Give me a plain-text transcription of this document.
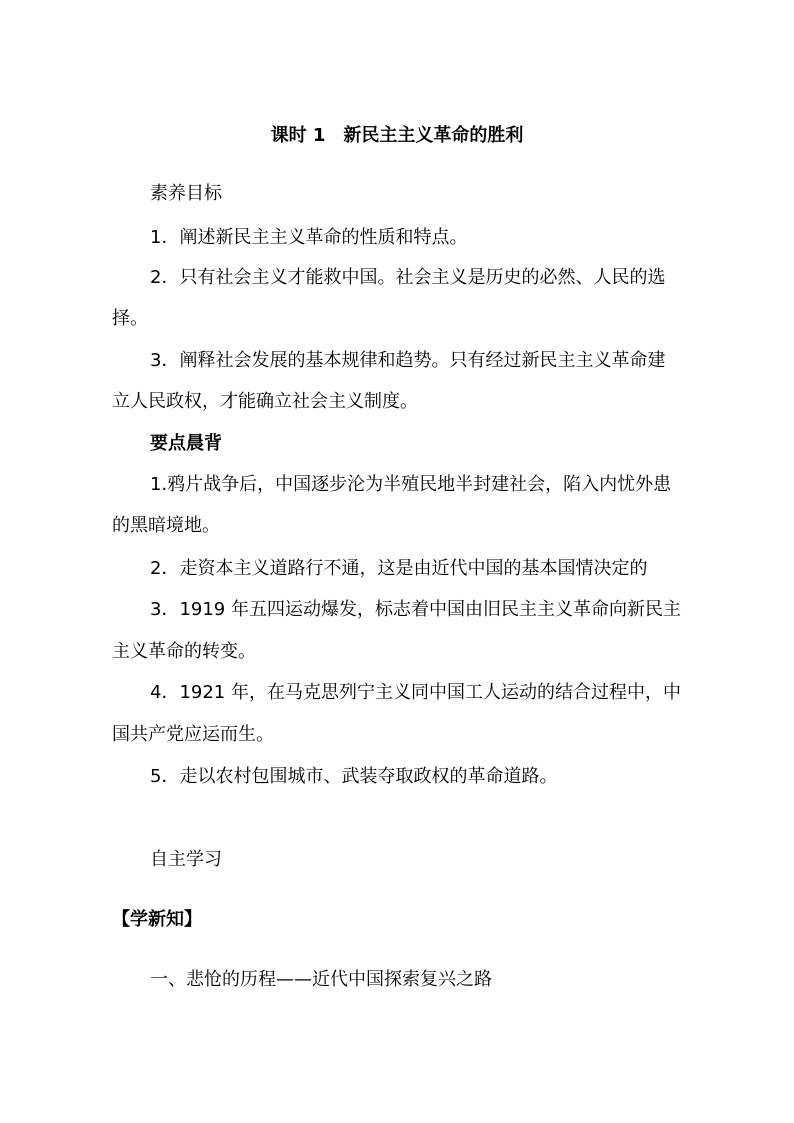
课时 1　新民主主义革命的胜利
素养目标
1．阐述新民主主义革命的性质和特点。
2．只有社会主义才能救中国。社会主义是历史的必然、人民的选
择。
3．阐释社会发展的基本规律和趋势。只有经过新民主主义革命建
立人民政权，才能确立社会主义制度。
要点晨背
1.鸦片战争后，中国逐步沦为半殖民地半封建社会，陷入内忧外患
的黑暗境地。
2．走资本主义道路行不通，这是由近代中国的基本国情决定的
3．1919 年五四运动爆发，标志着中国由旧民主主义革命向新民主
主义革命的转变。
4．1921 年，在马克思列宁主义同中国工人运动的结合过程中，中
国共产党应运而生。
5．走以农村包围城市、武装夺取政权的革命道路。
自主学习
【学新知】
一、悲怆的历程——近代中国探索复兴之路
